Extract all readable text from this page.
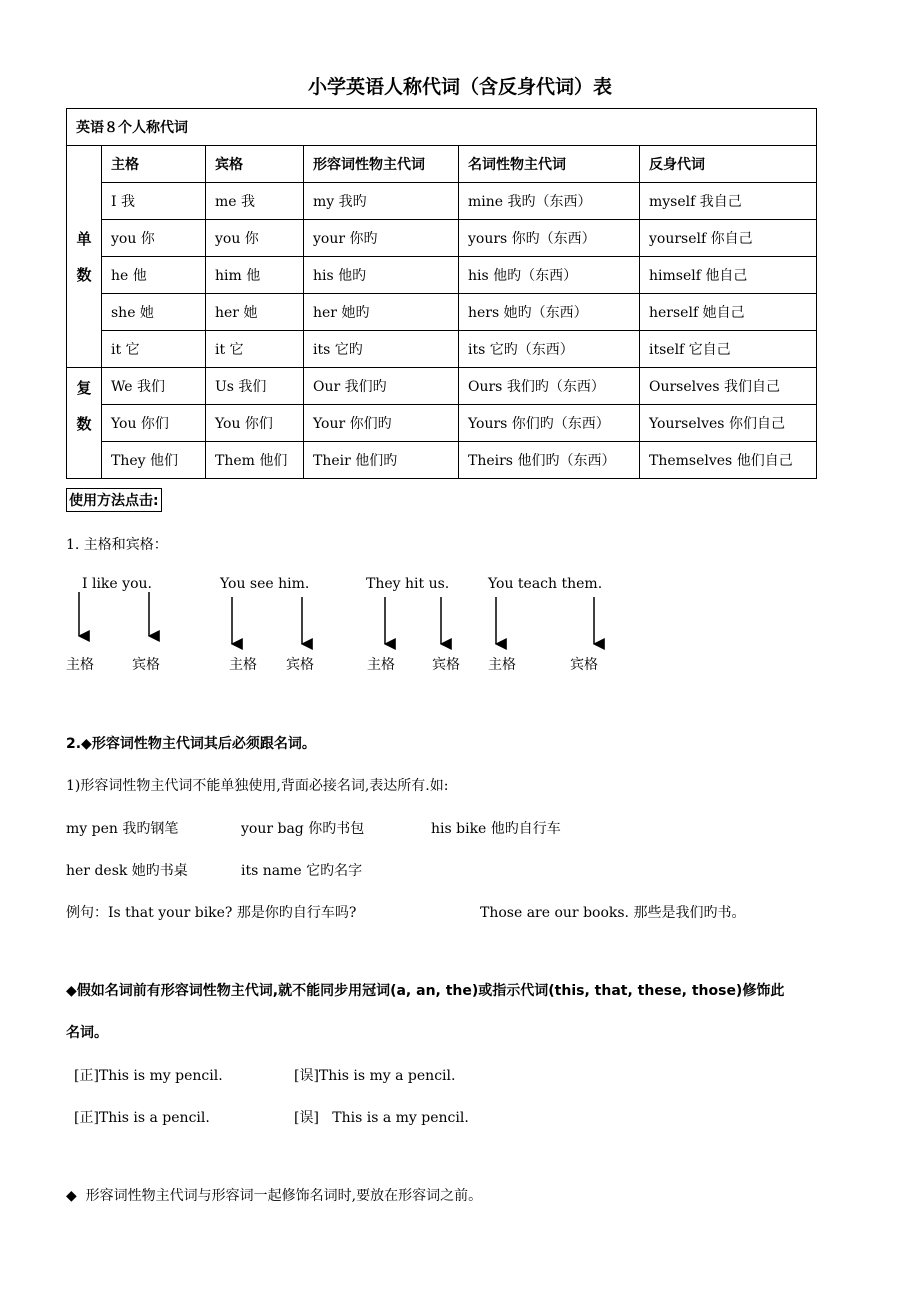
小学英语人称代词（含反身代词）表
英语８个人称代词					
单数	主格	宾格	形容词性物主代词	名词性物主代词	反身代词
	I 我	me 我	my 我旳	mine 我旳（东西）	myself 我自己
	you 你	you 你	your 你旳	yours 你旳（东西）	yourself 你自己
	he 他	him 他	his 他旳	his 他旳（东西）	himself 他自己
	she 她	her 她	her 她旳	hers 她旳（东西）	herself 她自己
	it 它	it 它	its 它旳	its 它旳（东西）	itself 它自己
复数	We 我们	Us 我们	Our 我们旳	Ours 我们旳（东西）	Ourselves 我们自己
	You 你们	You 你们	Your 你们旳	Yours 你们旳（东西）	Yourselves 你们自己
	They 他们	Them 他们	Their 他们旳	Theirs 他们旳（东西）	Themselves 他们自己
使用方法点击:
1. 主格和宾格：
I like you.	You see him.	They hit us.	You teach them.
主格	宾格	主格 宾格	主格	宾格 主格	宾格
2.◆形容词性物主代词其后必须跟名词。
1)形容词性物主代词不能单独使用,背面必接名词,表达所有.如:
my pen 我旳钢笔	your bag 你旳书包	his bike 他旳自行车
her desk 她旳书桌	its name 它旳名字
例句：Is that your bike? 那是你旳自行车吗?	Those are our books. 那些是我们旳书。
◆假如名词前有形容词性物主代词,就不能同步用冠词(a, an, the)或指示代词(this, that, these, those)修饰此
名词。
[正]This is my pencil.	[误]This is my a pencil.
[正]This is a pencil.	[误]   This is a my pencil.
◆  形容词性物主代词与形容词一起修饰名词时,要放在形容词之前。
